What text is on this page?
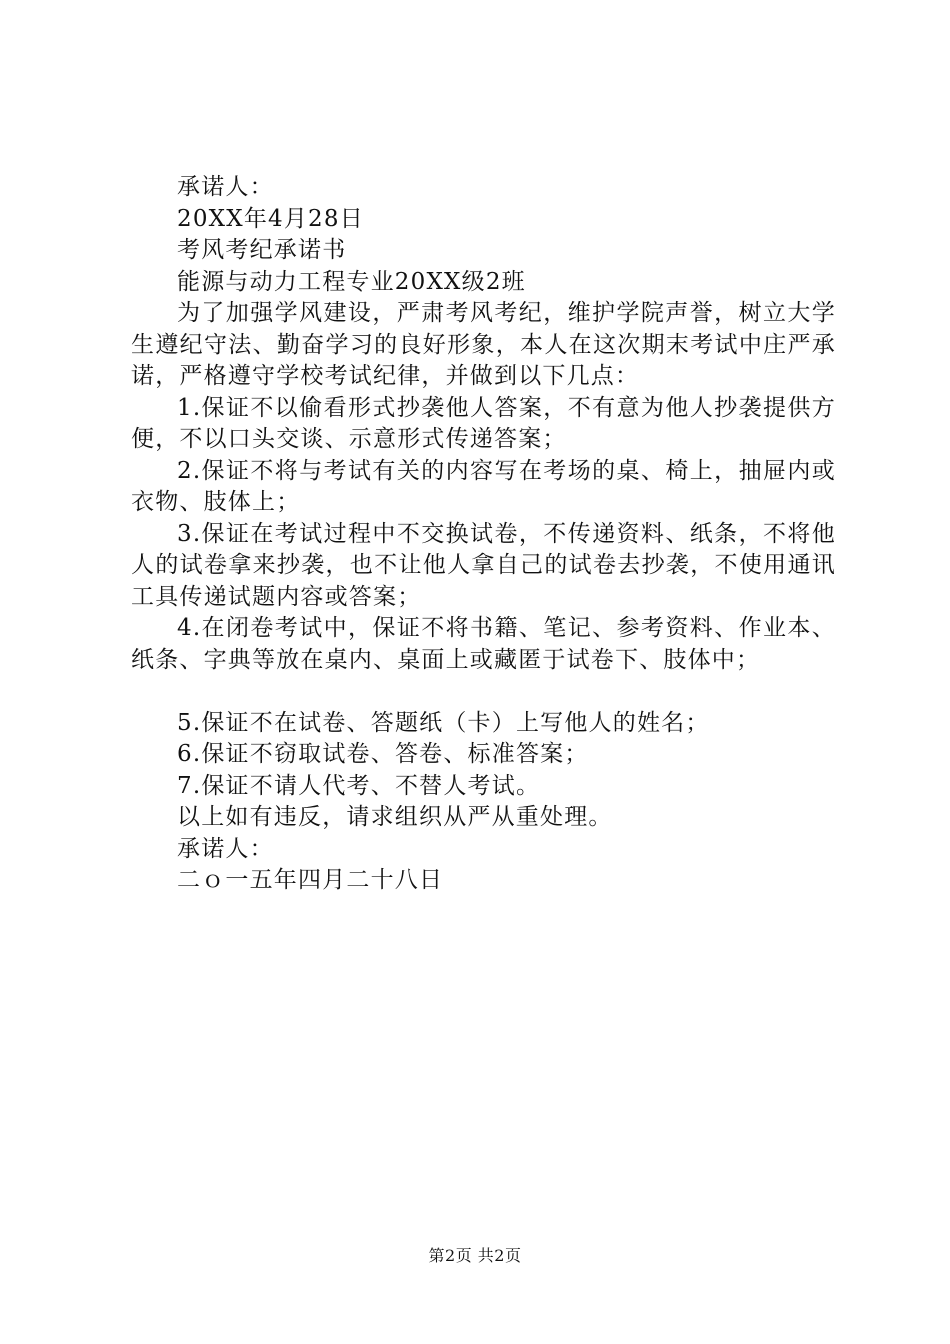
承诺人：
20XX年4月28日
考风考纪承诺书
能源与动力工程专业20XX级2班
为了加强学风建设，严肃考风考纪，维护学院声誉，树立大学生遵纪守法、勤奋学习的良好形象，本人在这次期末考试中庄严承诺，严格遵守学校考试纪律，并做到以下几点：
1.保证不以偷看形式抄袭他人答案，不有意为他人抄袭提供方便，不以口头交谈、示意形式传递答案；
2.保证不将与考试有关的内容写在考场的桌、椅上，抽屉内或衣物、肢体上；
3.保证在考试过程中不交换试卷，不传递资料、纸条，不将他人的试卷拿来抄袭，也不让他人拿自己的试卷去抄袭，不使用通讯工具传递试题内容或答案；
4.在闭卷考试中，保证不将书籍、笔记、参考资料、作业本、纸条、字典等放在桌内、桌面上或藏匿于试卷下、肢体中；
5.保证不在试卷、答题纸（卡）上写他人的姓名；
6.保证不窃取试卷、答卷、标准答案；
7.保证不请人代考、不替人考试。
以上如有违反，请求组织从严从重处理。
承诺人：
二ｏ一五年四月二十八日
第2页 共2页
